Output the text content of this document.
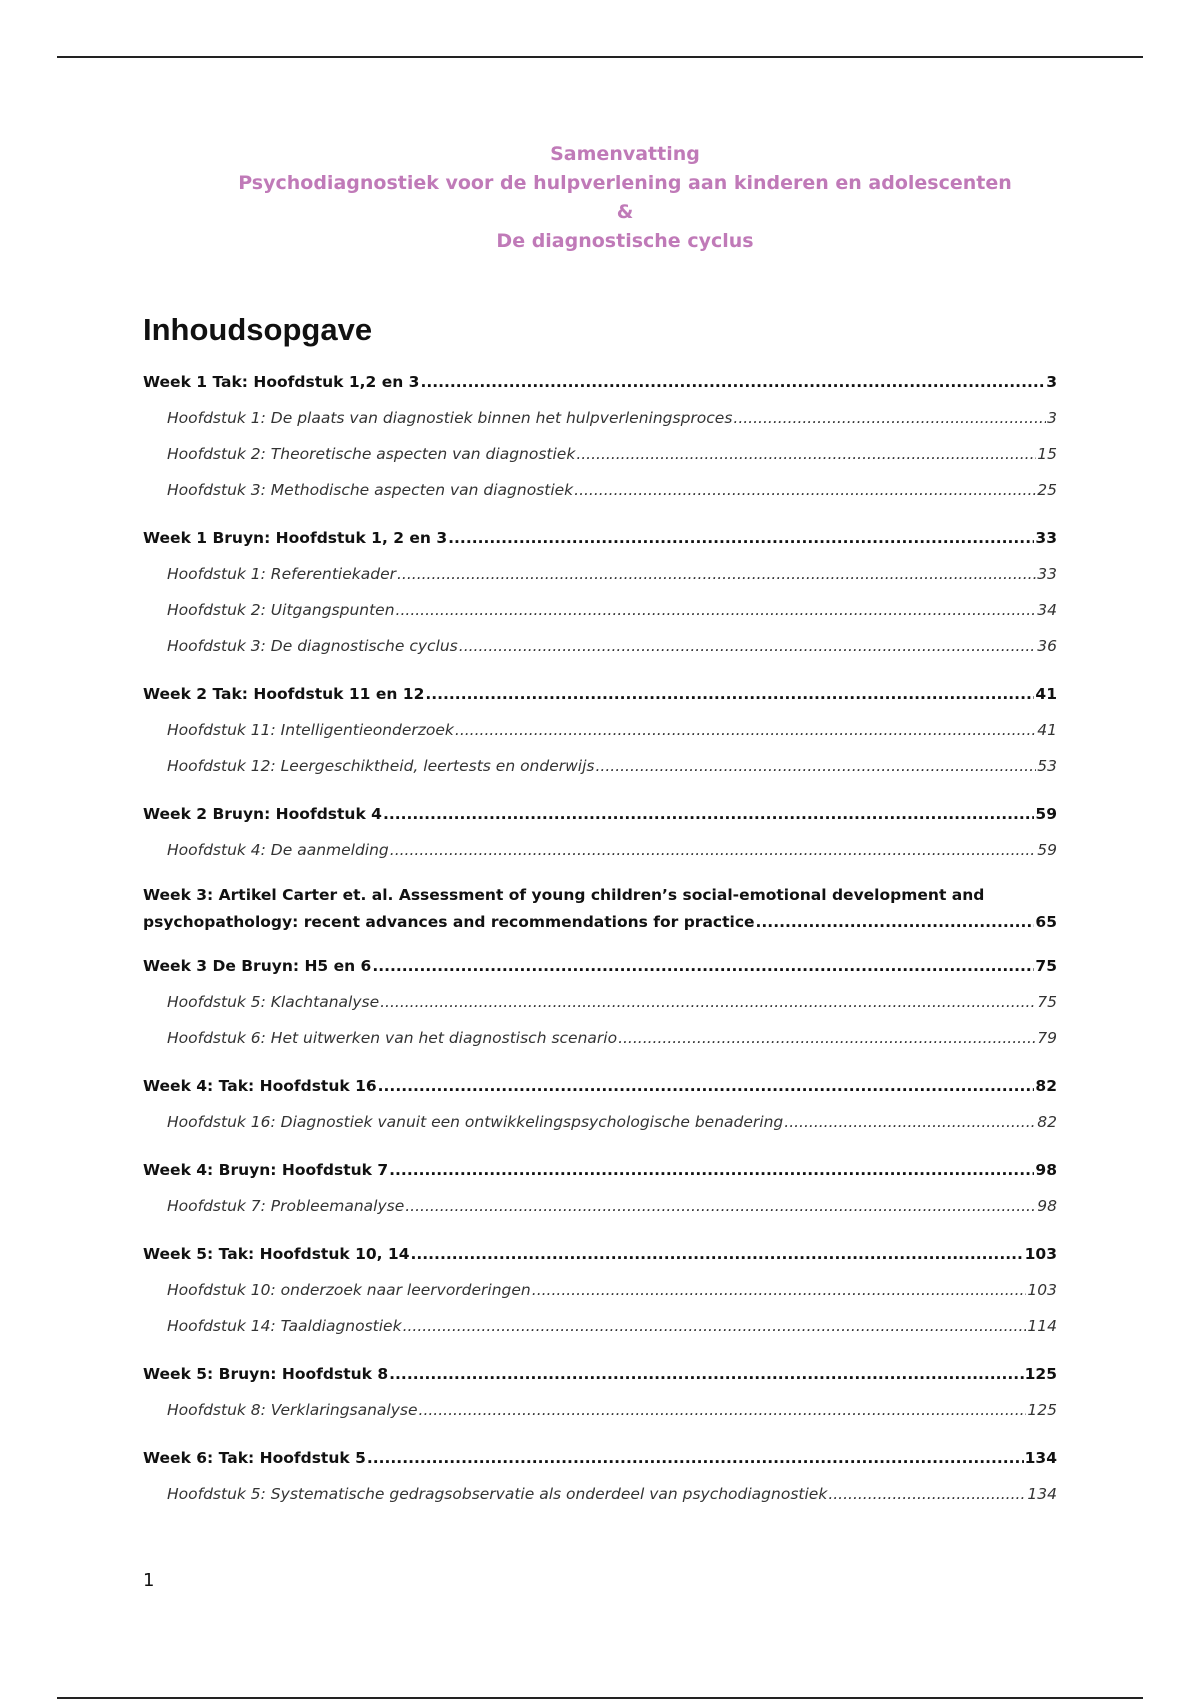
Samenvatting
Psychodiagnostiek voor de hulpverlening aan kinderen en adolescenten
&
De diagnostische cyclus
Inhoudsopgave
Week 1 Tak: Hoofdstuk 1,2 en 3 .....	3
Hoofdstuk 1: De plaats van diagnostiek binnen het hulpverleningsproces .....	3
Hoofdstuk 2: Theoretische aspecten van diagnostiek .....	15
Hoofdstuk 3: Methodische aspecten van diagnostiek .....	25
Week 1 Bruyn: Hoofdstuk 1, 2 en 3 .....	33
Hoofdstuk 1: Referentiekader .....	33
Hoofdstuk 2: Uitgangspunten .....	34
Hoofdstuk 3: De diagnostische cyclus .....	36
Week 2 Tak: Hoofdstuk 11 en 12 .....	41
Hoofdstuk 11: Intelligentieonderzoek .....	41
Hoofdstuk 12: Leergeschiktheid, leertests en onderwijs .....	53
Week 2 Bruyn: Hoofdstuk 4 .....	59
Hoofdstuk 4: De aanmelding .....	59
Week 3: Artikel Carter et. al. Assessment of young children’s social-emotional development and
psychopathology: recent advances and recommendations for practice .....	65
Week 3 De Bruyn: H5 en 6 .....	75
Hoofdstuk 5: Klachtanalyse .....	75
Hoofdstuk 6: Het uitwerken van het diagnostisch scenario .....	79
Week 4: Tak: Hoofdstuk 16 .....	82
Hoofdstuk 16: Diagnostiek vanuit een ontwikkelingspsychologische benadering .....	82
Week 4: Bruyn: Hoofdstuk 7 .....	98
Hoofdstuk 7: Probleemanalyse .....	98
Week 5: Tak: Hoofdstuk 10, 14 .....	103
Hoofdstuk 10: onderzoek naar leervorderingen .....	103
Hoofdstuk 14: Taaldiagnostiek .....	114
Week 5: Bruyn: Hoofdstuk 8 .....	125
Hoofdstuk 8: Verklaringsanalyse .....	125
Week 6: Tak: Hoofdstuk 5 .....	134
Hoofdstuk 5: Systematische gedragsobservatie als onderdeel van psychodiagnostiek .....	134
1
